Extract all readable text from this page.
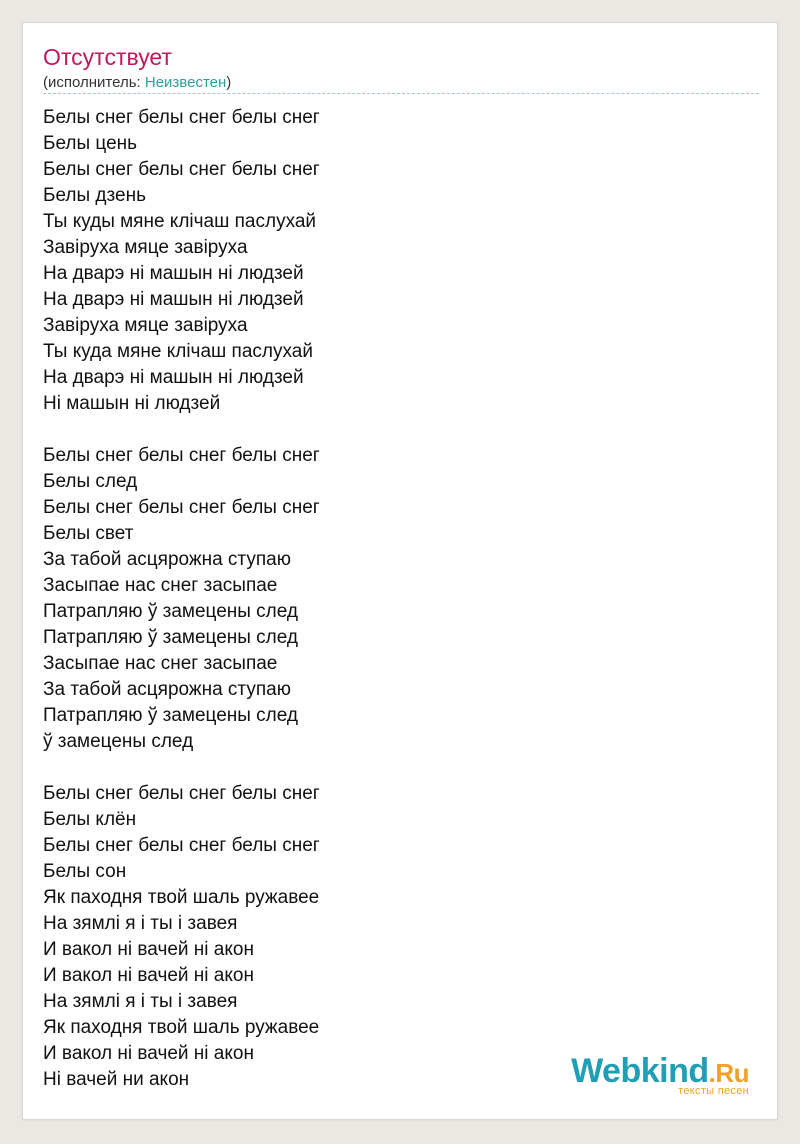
Отсутствует
(исполнитель: Неизвестен)
Белы снег белы снег белы снег
Белы цень
Белы снег белы снег белы снег
Белы дзень
Ты куды мяне клічаш паслухай
Завіруха мяце завіруха
На дварэ ні машын ні людзей
На дварэ ні машын ні людзей
Завіруха мяце завіруха
Ты куда мяне клічаш паслухай
На дварэ ні машын ні людзей
Ні машын ні людзей
Белы снег белы снег белы снег
Белы след
Белы снег белы снег белы снег
Белы свет
За табой асцярожна ступаю
Засыпае нас снег засыпае
Патрапляю ў замецены след
Патрапляю ў замецены след
Засыпае нас снег засыпае
За табой асцярожна ступаю
Патрапляю ў замецены след
ў замецены след
Белы снег белы снег белы снег
Белы клён
Белы снег белы снег белы снег
Белы сон
Як паходня твой шаль ружавее
На зямлі я і ты і завея
И вакол ні вачей ні акон
И вакол ні вачей ні акон
На зямлі я і ты і завея
Як паходня твой шаль ружавее
И вакол ні вачей ні акон
Ні вачей ни акон	Webkind.Ru
тексты песен
